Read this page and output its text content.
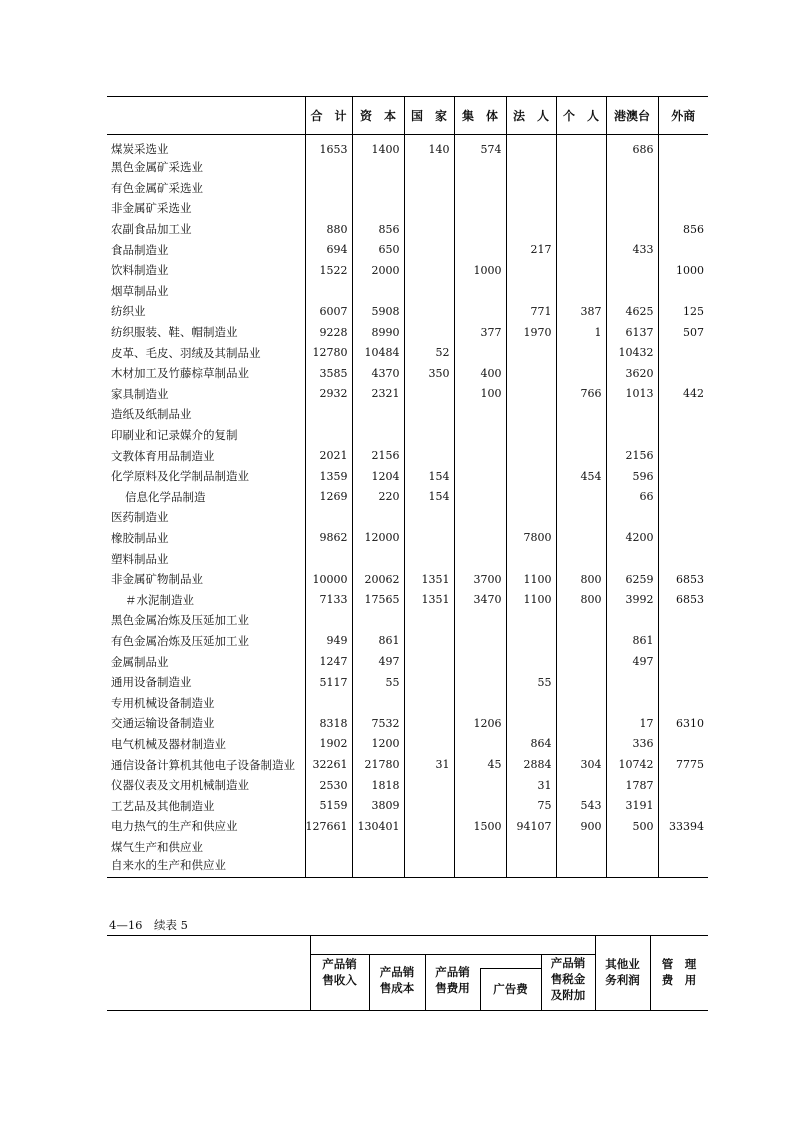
	合　计	资　本	国　家	集　体	法　人	个　人	港澳台	外商
煤炭采选业	1653	1400	140	574			686	
黑色金属矿采选业								
有色金属矿采选业								
非金属矿采选业								
农副食品加工业	880	856						856
食品制造业	694	650			217		433	
饮料制造业	1522	2000		1000				1000
烟草制品业								
纺织业	6007	5908			771	387	4625	125
纺织服装、鞋、帽制造业	9228	8990		377	1970	1	6137	507
皮革、毛皮、羽绒及其制品业	12780	10484	52				10432	
木材加工及竹藤棕草制品业	3585	4370	350	400			3620	
家具制造业	2932	2321		100		766	1013	442
造纸及纸制品业								
印刷业和记录媒介的复制								
文教体育用品制造业	2021	2156					2156	
化学原料及化学制品制造业	1359	1204	154			454	596	
信息化学品制造	1269	220	154				66	
医药制造业								
橡胶制品业	9862	12000			7800		4200	
塑料制品业								
非金属矿物制品业	10000	20062	1351	3700	1100	800	6259	6853
＃水泥制造业	7133	17565	1351	3470	1100	800	3992	6853
黑色金属冶炼及压延加工业								
有色金属冶炼及压延加工业	949	861					861	
金属制品业	1247	497					497	
通用设备制造业	5117	55			55			
专用机械设备制造业								
交通运输设备制造业	8318	7532		1206			17	6310
电气机械及器材制造业	1902	1200			864		336	
通信设备计算机其他电子设备制造业	32261	21780	31	45	2884	304	10742	7775
仪器仪表及文用机械制造业	2530	1818			31		1787	
工艺品及其他制造业	5159	3809			75	543	3191	
电力热气的生产和供应业	127661	130401		1500	94107	900	500	33394
煤气生产和供应业								
自来水的生产和供应业								
4—16　续表 5
产品销
售收入
产品销
售成本
产品销
售费用	广告费
产品销
售税金
及附加
其他业
务利润
管　理
费　用
